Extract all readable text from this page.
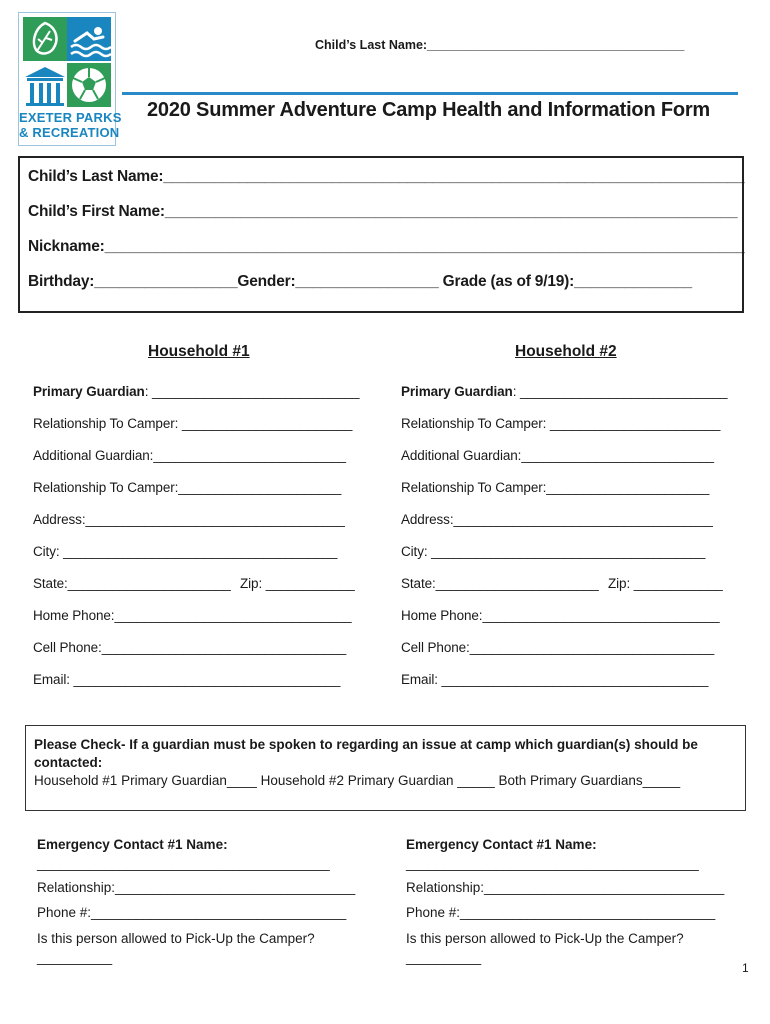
EXETER PARKS
& RECREATION
Child’s Last Name:_____________________________________
2020 Summer Adventure Camp Health and Information Form
Child’s Last Name:_____________________________________________________________________
Child’s First Name:____________________________________________________________________
Nickname:____________________________________________________________________________
Birthday:_________________Gender:_________________ Grade (as of 9/19):______________
Household #1
Primary Guardian: ____________________________
Relationship To Camper: _______________________
Additional Guardian:__________________________
Relationship To Camper:______________________
Address:___________________________________
City: _____________________________________
State:______________________ Zip: ____________
Home Phone:________________________________
Cell Phone:_________________________________
Email: ____________________________________
Household #2
Primary Guardian: ____________________________
Relationship To Camper: _______________________
Additional Guardian:__________________________
Relationship To Camper:______________________
Address:___________________________________
City: _____________________________________
State:______________________ Zip: ____________
Home Phone:________________________________
Cell Phone:_________________________________
Email: ____________________________________
Please Check- If a guardian must be spoken to regarding an issue at camp which guardian(s) should be contacted:
Household #1 Primary Guardian____ Household #2 Primary Guardian _____ Both Primary Guardians_____
Emergency Contact #1 Name:
_______________________________________
Relationship:________________________________
Phone #:__________________________________
Is this person allowed to Pick-Up the Camper?
__________
Emergency Contact #1 Name:
_______________________________________
Relationship:________________________________
Phone #:__________________________________
Is this person allowed to Pick-Up the Camper?
__________
1
